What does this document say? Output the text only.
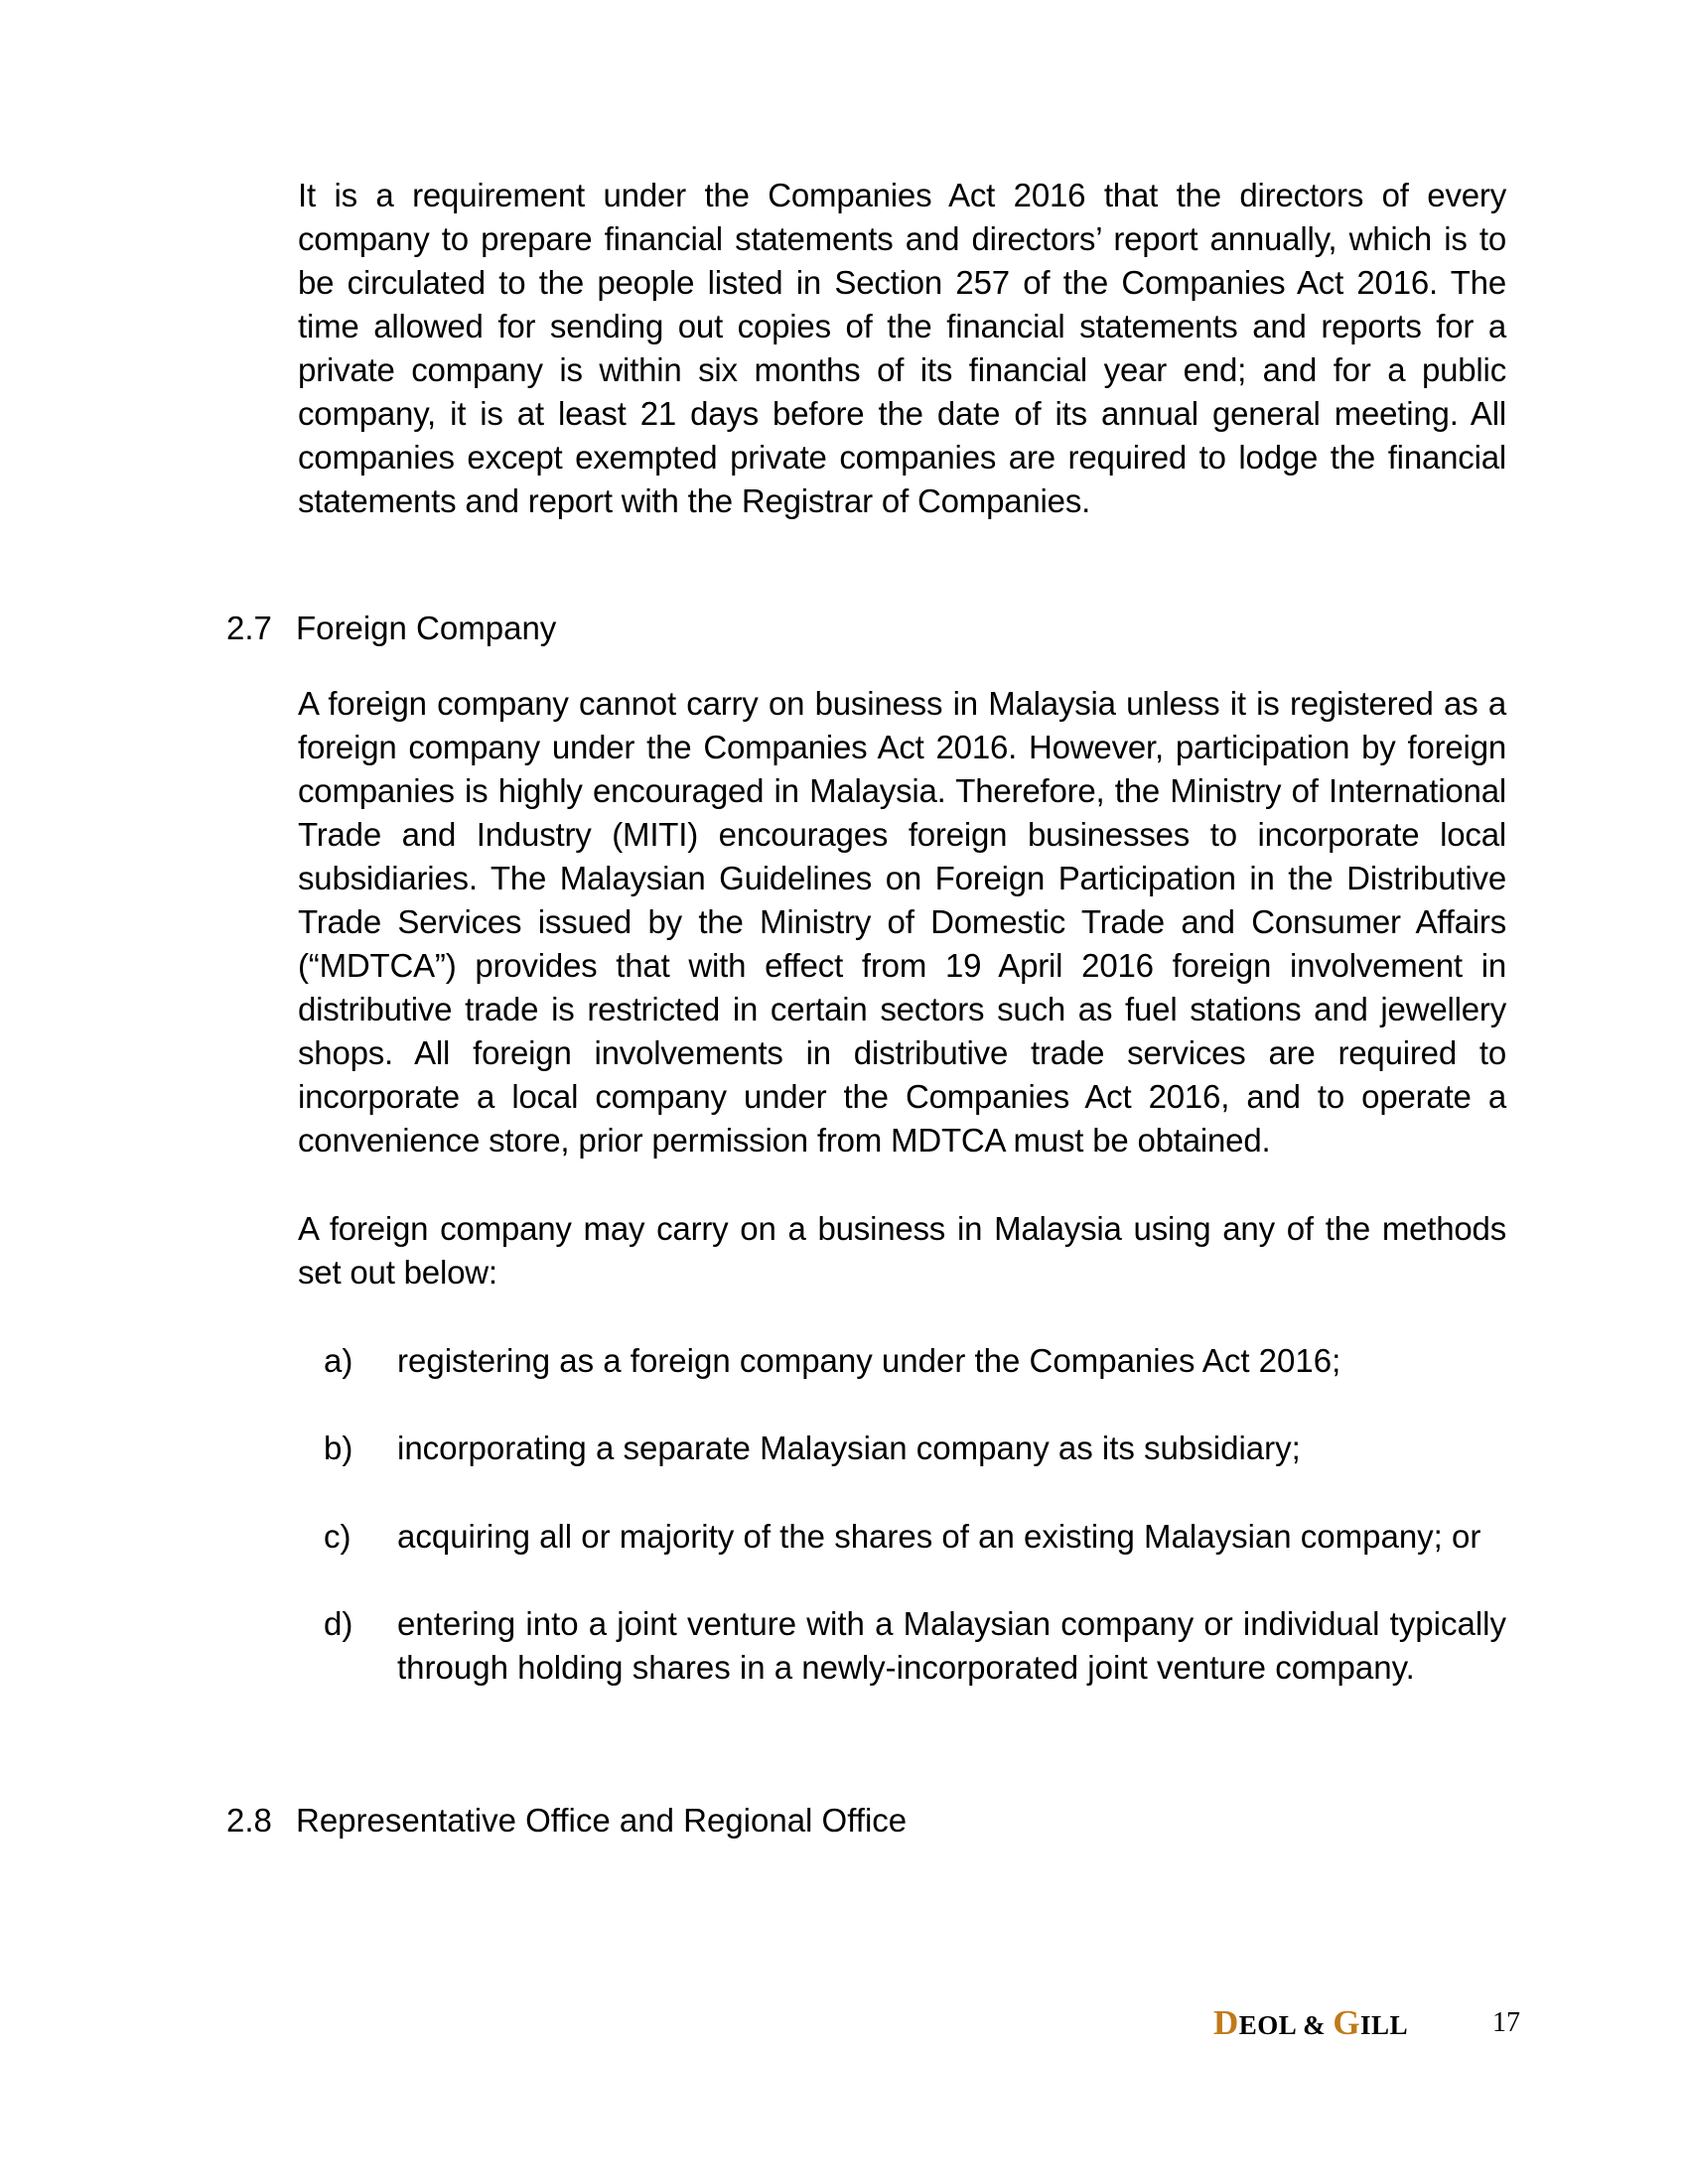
It is a requirement under the Companies Act 2016 that the directors of every company to prepare financial statements and directors’ report annually, which is to be circulated to the people listed in Section 257 of the Companies Act 2016. The time allowed for sending out copies of the financial statements and reports for a private company is within six months of its financial year end; and for a public company, it is at least 21 days before the date of its annual general meeting. All companies except exempted private companies are required to lodge the financial statements and report with the Registrar of Companies.

2.7 Foreign Company

A foreign company cannot carry on business in Malaysia unless it is registered as a foreign company under the Companies Act 2016. However, participation by foreign companies is highly encouraged in Malaysia. Therefore, the Ministry of International Trade and Industry (MITI) encourages foreign businesses to incorporate local subsidiaries. The Malaysian Guidelines on Foreign Participation in the Distributive Trade Services issued by the Ministry of Domestic Trade and Consumer Affairs (“MDTCA”) provides that with effect from 19 April 2016 foreign involvement in distributive trade is restricted in certain sectors such as fuel stations and jewellery shops. All foreign involvements in distributive trade services are required to incorporate a local company under the Companies Act 2016, and to operate a convenience store, prior permission from MDTCA must be obtained.

A foreign company may carry on a business in Malaysia using any of the methods set out below:

a) registering as a foreign company under the Companies Act 2016;
b) incorporating a separate Malaysian company as its subsidiary;
c) acquiring all or majority of the shares of an existing Malaysian company; or
d) entering into a joint venture with a Malaysian company or individual typically through holding shares in a newly-incorporated joint venture company.
2.8 Representative Office and Regional Office
DEOL & GILL	17
